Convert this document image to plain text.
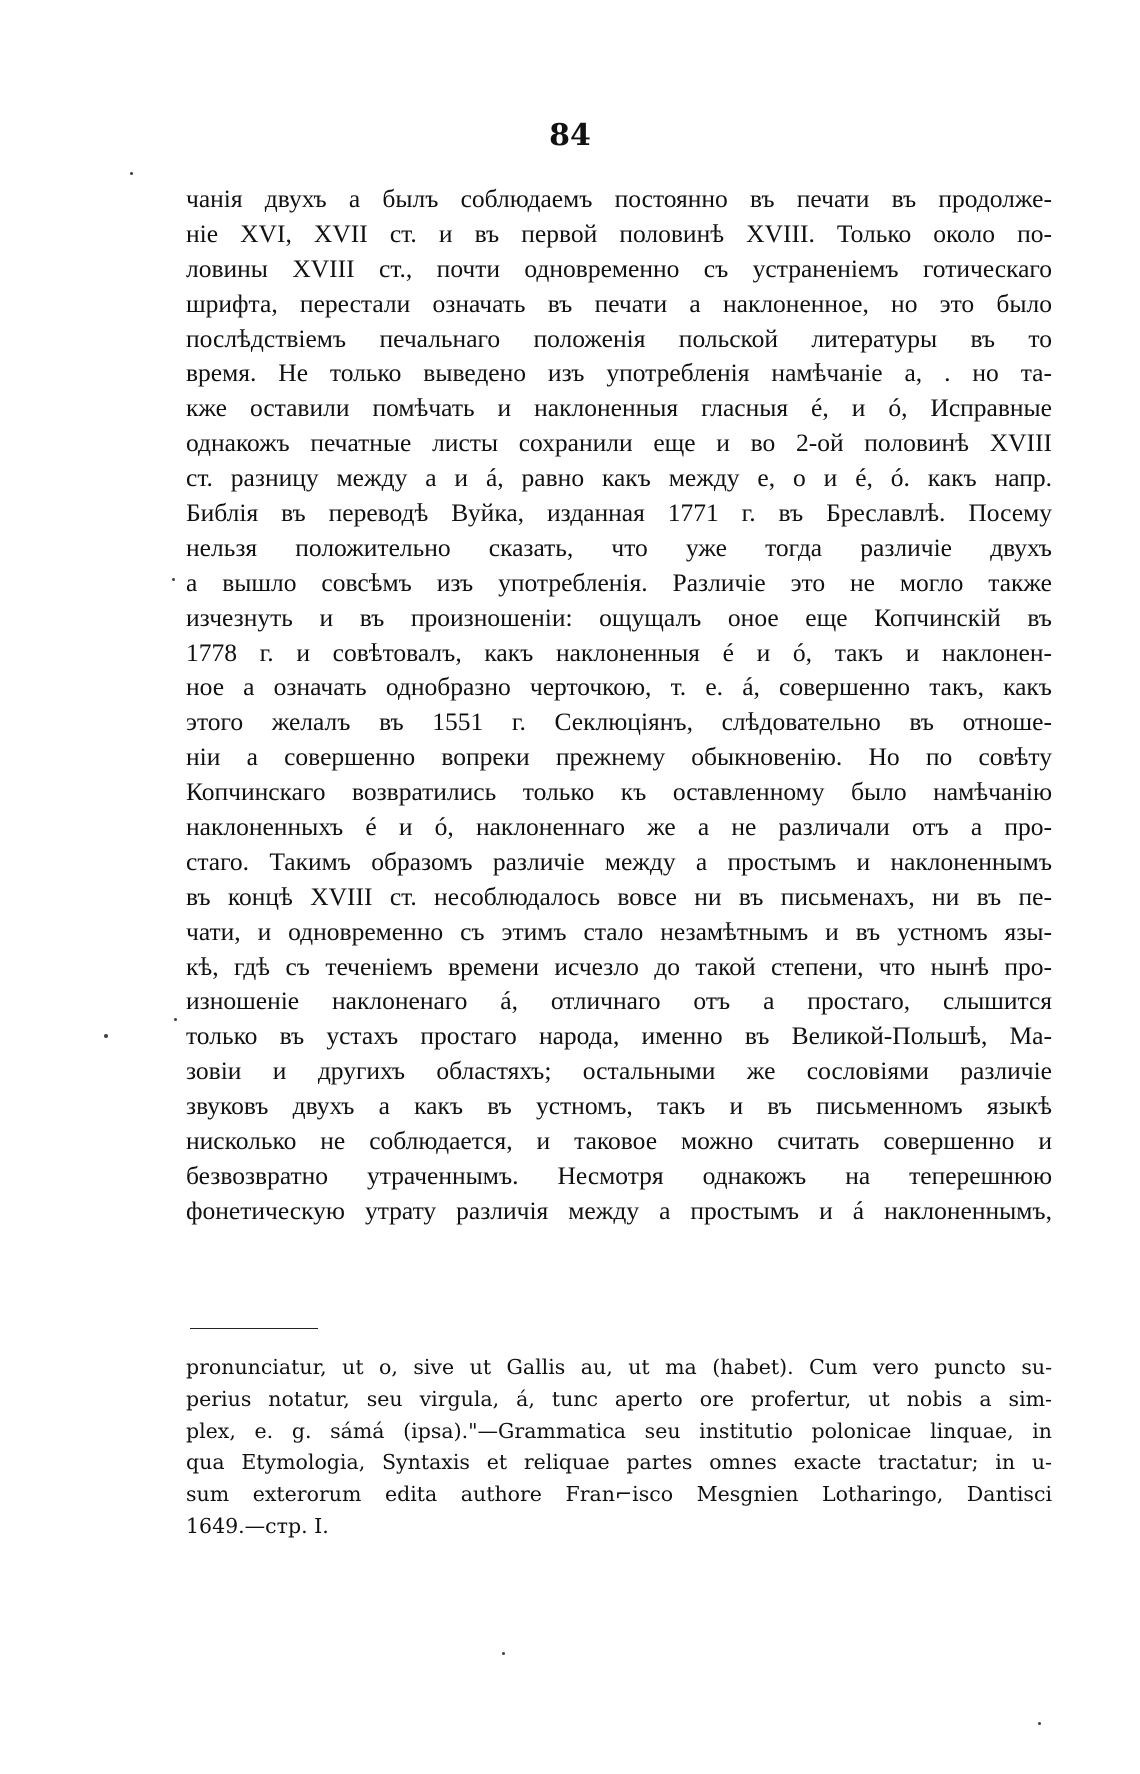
84
чанія двухъ а былъ соблюдаемъ постоянно въ печати въ продолже-
ніе XVI, XVII ст. и въ первой половинѣ XVIII. Только около по-
ловины XVIII ст., почти одновременно съ устраненіемъ готическаго
шрифта, перестали означать въ печати а наклоненное, но это было
послѣдствіемъ печальнаго положенія польской литературы въ то
время. Не только выведено изъ употребленія намѣчаніе а, . но та-
кже оставили помѣчать и наклоненныя гласныя é, и ó, Исправные
однакожъ печатные листы сохранили еще и во 2-ой половинѣ XVIII
ст. разницу между а и á, равно какъ между е, о и é, ó. какъ напр.
Библія въ переводѣ Вуйка, изданная 1771 г. въ Бреславлѣ. Посему
нельзя положительно сказать, что уже тогда различіе двухъ
а вышло совсѣмъ изъ употребленія. Различіе это не могло также
изчезнуть и въ произношеніи: ощущалъ оное еще Копчинскій въ
1778 г. и совѣтовалъ, какъ наклоненныя é и ó, такъ и наклонен-
ное а означать однобразно черточкою, т. е. á, совершенно такъ, какъ
этого желалъ въ 1551 г. Секлюціянъ, слѣдовательно въ отноше-
ніи а совершенно вопреки прежнему обыкновенію. Но по совѣту
Копчинскаго возвратились только къ оставленному было намѣчанію
наклоненныхъ é и ó, наклоненнаго же а не различали отъ а про-
стаго. Такимъ образомъ различіе между а простымъ и наклоненнымъ
въ концѣ XVIII ст. несоблюдалось вовсе ни въ письменахъ, ни въ пе-
чати, и одновременно съ этимъ стало незамѣтнымъ и въ устномъ язы-
кѣ, гдѣ съ теченіемъ времени исчезло до такой степени, что нынѣ про-
изношеніе наклоненаго á, отличнаго отъ а простаго, слышится
только въ устахъ простаго народа, именно въ Великой-Польшѣ, Ма-
зовіи и другихъ областяхъ; остальными же сословіями различіе
звуковъ двухъ а какъ въ устномъ, такъ и въ письменномъ языкѣ
нисколько не соблюдается, и таковое можно считать совершенно и
безвозвратно утраченнымъ. Несмотря однакожъ на теперешнюю
фонетическую утрату различія между а простымъ и á наклоненнымъ,
pronunciatur, ut o, sive ut Gallis au, ut ma (habet). Cum vero puncto su-
perius notatur, seu virgula, á, tunc aperto ore profertur, ut nobis a sim-
plex, e. g. sámá (ipsa)."—Grammatica seu institutio polonicae linquae, in
qua Etymologia, Syntaxis et reliquae partes omnes exacte tractatur; in u-
sum exterorum edita authore Fran⌐isco Mesgnien Lotharingo, Dantisci
1649.—стр. I.
